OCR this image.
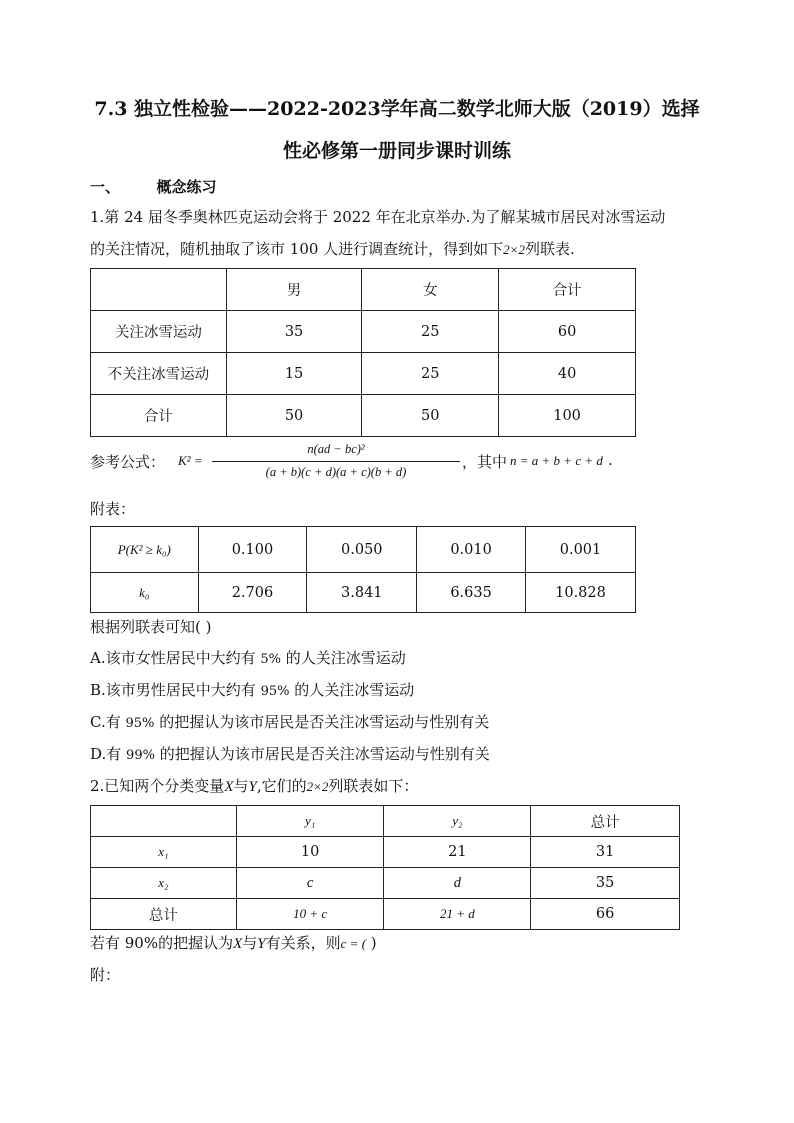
7.3 独立性检验——2022-2023学年高二数学北师大版（2019）选择
性必修第一册同步课时训练
一、 概念练习
1.第 24 届冬季奥林匹克运动会将于 2022 年在北京举办.为了解某城市居民对冰雪运动
的关注情况，随机抽取了该市 100 人进行调查统计，得到如下2×2列联表.
	男	女	合计
关注冰雪运动	35	25	60
不关注冰雪运动	15	25	40
合计	50	50	100
参考公式： K² =
n(ad − bc)²
(a + b)(c + d)(a + c)(b + d)
，其中 n = a + b + c + d .
附表：
P(K² ≥ k₀)	0.100	0.050	0.010	0.001
k₀	2.706	3.841	6.635	10.828
根据列联表可知( )
A.该市女性居民中大约有 5% 的人关注冰雪运动
B.该市男性居民中大约有 95% 的人关注冰雪运动
C.有 95% 的把握认为该市居民是否关注冰雪运动与性别有关
D.有 99% 的把握认为该市居民是否关注冰雪运动与性别有关
2.已知两个分类变量X与Y,它们的2×2列联表如下：
	y₁	y₂	总计
x₁	10	21	31
x₂	c	d	35
总计	10 + c	21 + d	66
若有 90%的把握认为X与Y有关系，则c = ( )
附：
